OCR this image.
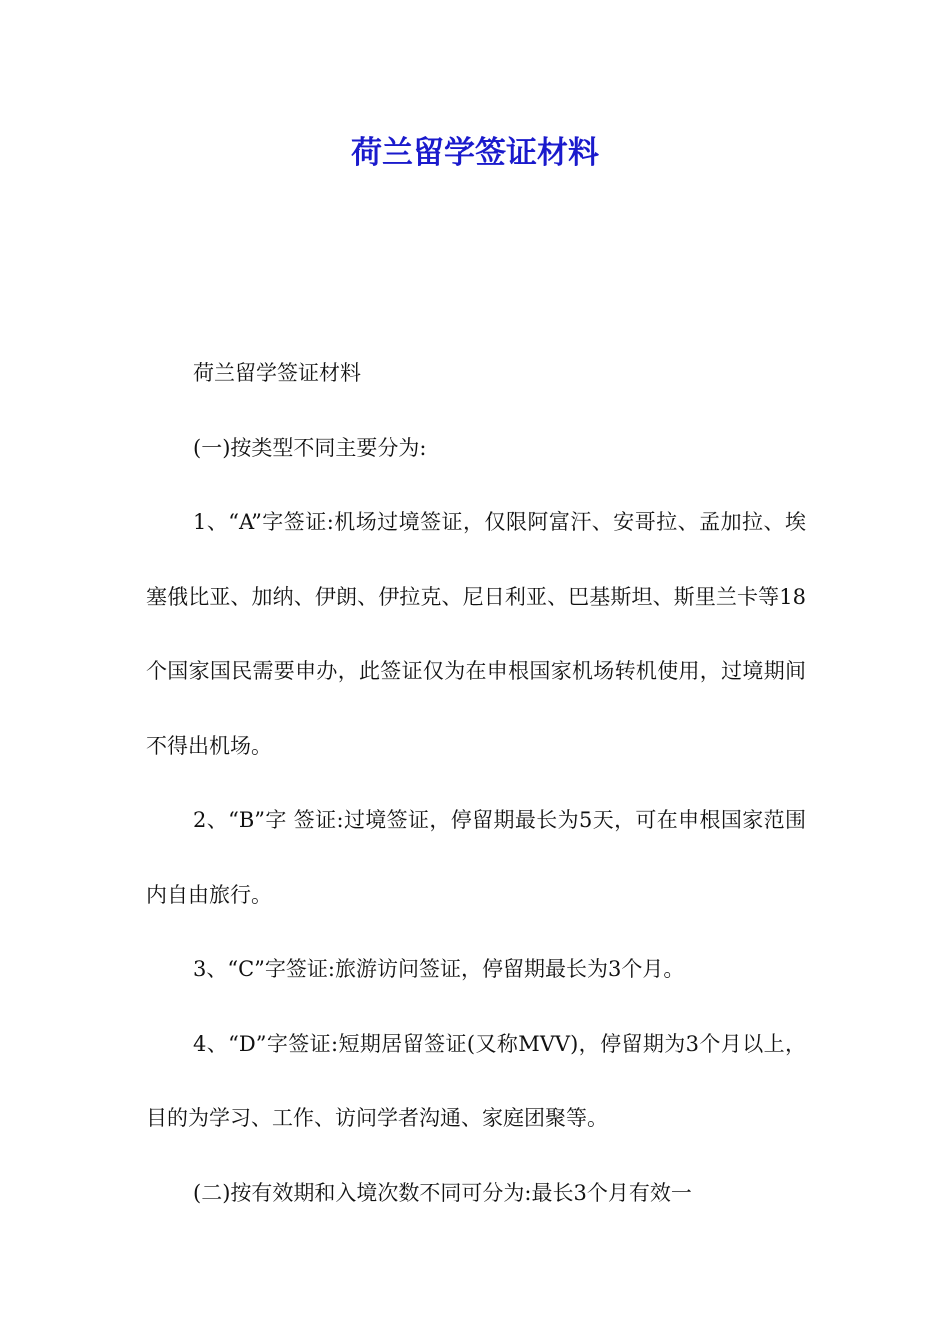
荷兰留学签证材料

荷兰留学签证材料

(一)按类型不同主要分为:

1、“A”字签证:机场过境签证，仅限阿富汗、安哥拉、孟加拉、埃塞俄比亚、加纳、伊朗、伊拉克、尼日利亚、巴基斯坦、斯里兰卡等18个国家国民需要申办，此签证仅为在申根国家机场转机使用，过境期间不得出机场。

2、“B”字 签证:过境签证，停留期最长为5天，可在申根国家范围内自由旅行。

3、“C”字签证:旅游访问签证，停留期最长为3个月。

4、“D”字签证:短期居留签证(又称MVV)，停留期为3个月以上，目的为学习、工作、访问学者沟通、家庭团聚等。

(二)按有效期和入境次数不同可分为:最长3个月有效一
